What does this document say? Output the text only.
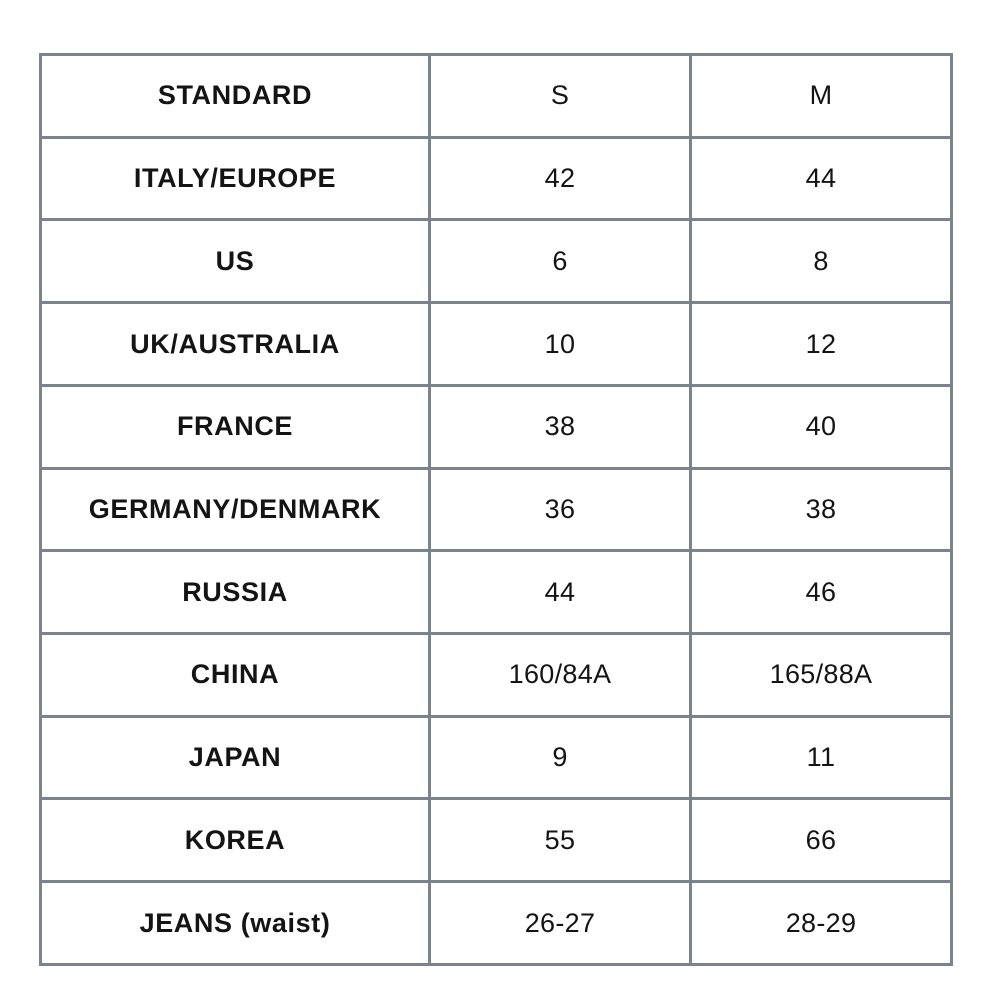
STANDARD	S	M
ITALY/EUROPE	42	44
US	6	8
UK/AUSTRALIA	10	12
FRANCE	38	40
GERMANY/DENMARK	36	38
RUSSIA	44	46
CHINA	160/84A	165/88A
JAPAN	9	11
KOREA	55	66
JEANS (waist)	26-27	28-29
